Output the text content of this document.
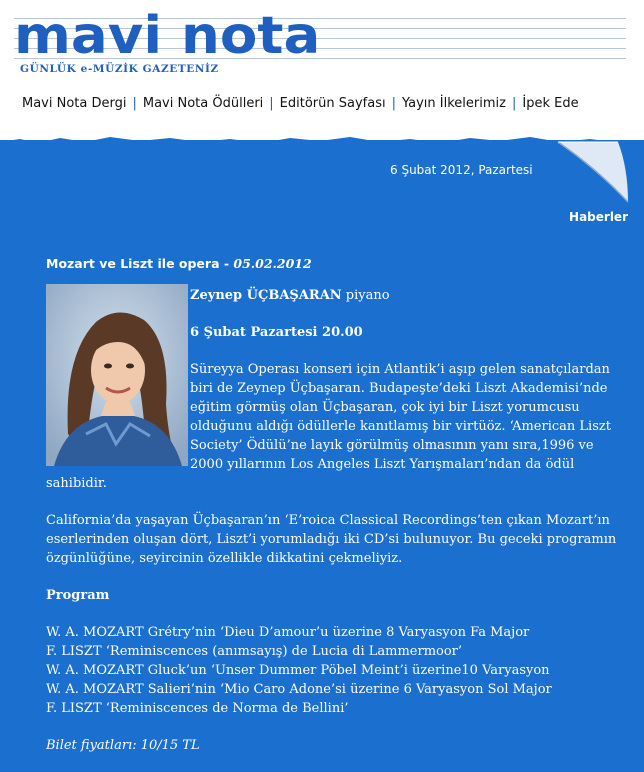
mavi nota
GÜNLÜK e-MÜZİK GAZETENİZ
Mavi Nota Dergi | Mavi Nota Ödülleri | Editörün Sayfası | Yayın İlkelerimiz | İpek Ede
6 Şubat 2012, Pazartesi
Haberler
Mozart ve Liszt ile opera - 05.02.2012

Zeynep ÜÇBAŞARAN piyano

6 Şubat Pazartesi 20.00

Süreyya Operası konseri için Atlantik’i aşıp gelen sanatçılardan biri de Zeynep Üçbaşaran. Budapeşte’deki Liszt Akademisi’nde eğitim görmüş olan Üçbaşaran, çok iyi bir Liszt yorumcusu olduğunu aldığı ödüllerle kanıtlamış bir virtüöz. ‘American Liszt Society’ Ödülü’ne layık görülmüş olmasının yanı sıra,1996 ve 2000 yıllarının Los Angeles Liszt Yarışmaları’ndan da ödül sahibidir.

California’da yaşayan Üçbaşaran’ın ‘E’roica Classical Recordings’ten çıkan Mozart’ın eserlerinden oluşan dört, Liszt’i yorumladığı iki CD’si bulunuyor. Bu geceki programın özgünlüğüne, seyircinin özellikle dikkatini çekmeliyiz.

Program
W. A. MOZART Grétry’nin ‘Dieu D’amour’u üzerine 8 Varyasyon Fa Major
F. LISZT ‘Reminiscences (anımsayış) de Lucia di Lammermoor’
W. A. MOZART Gluck’un ‘Unser Dummer Pöbel Meint’i üzerine10 Varyasyon
W. A. MOZART Salieri’nin ‘Mio Caro Adone’si üzerine 6 Varyasyon Sol Major
F. LISZT ‘Reminiscences de Norma de Bellini’
Bilet fiyatları: 10/15 TL
